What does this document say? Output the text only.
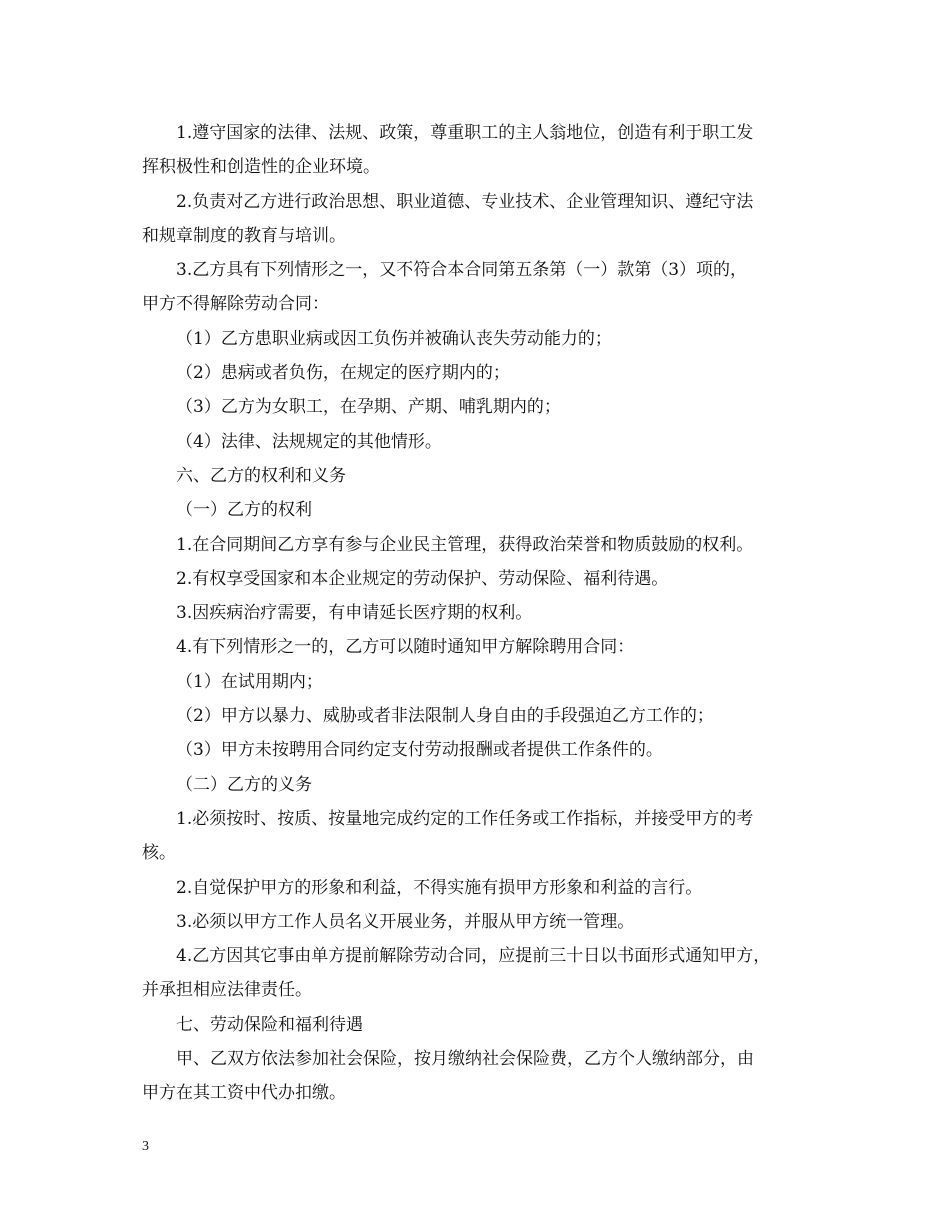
1.遵守国家的法律、法规、政策，尊重职工的主人翁地位，创造有利于职工发
挥积极性和创造性的企业环境。
2.负责对乙方进行政治思想、职业道德、专业技术、企业管理知识、遵纪守法
和规章制度的教育与培训。
3.乙方具有下列情形之一，又不符合本合同第五条第（一）款第（3）项的，
甲方不得解除劳动合同：
（1）乙方患职业病或因工负伤并被确认丧失劳动能力的；
（2）患病或者负伤，在规定的医疗期内的；
（3）乙方为女职工，在孕期、产期、哺乳期内的；
（4）法律、法规规定的其他情形。
六、乙方的权利和义务
（一）乙方的权利
1.在合同期间乙方享有参与企业民主管理，获得政治荣誉和物质鼓励的权利。
2.有权享受国家和本企业规定的劳动保护、劳动保险、福利待遇。
3.因疾病治疗需要，有申请延长医疗期的权利。
4.有下列情形之一的，乙方可以随时通知甲方解除聘用合同：
（1）在试用期内；
（2）甲方以暴力、威胁或者非法限制人身自由的手段强迫乙方工作的；
（3）甲方未按聘用合同约定支付劳动报酬或者提供工作条件的。
（二）乙方的义务
1.必须按时、按质、按量地完成约定的工作任务或工作指标，并接受甲方的考
核。
2.自觉保护甲方的形象和利益，不得实施有损甲方形象和利益的言行。
3.必须以甲方工作人员名义开展业务，并服从甲方统一管理。
4.乙方因其它事由单方提前解除劳动合同，应提前三十日以书面形式通知甲方，
并承担相应法律责任。
七、劳动保险和福利待遇
甲、乙双方依法参加社会保险，按月缴纳社会保险费，乙方个人缴纳部分，由
甲方在其工资中代办扣缴。
3
